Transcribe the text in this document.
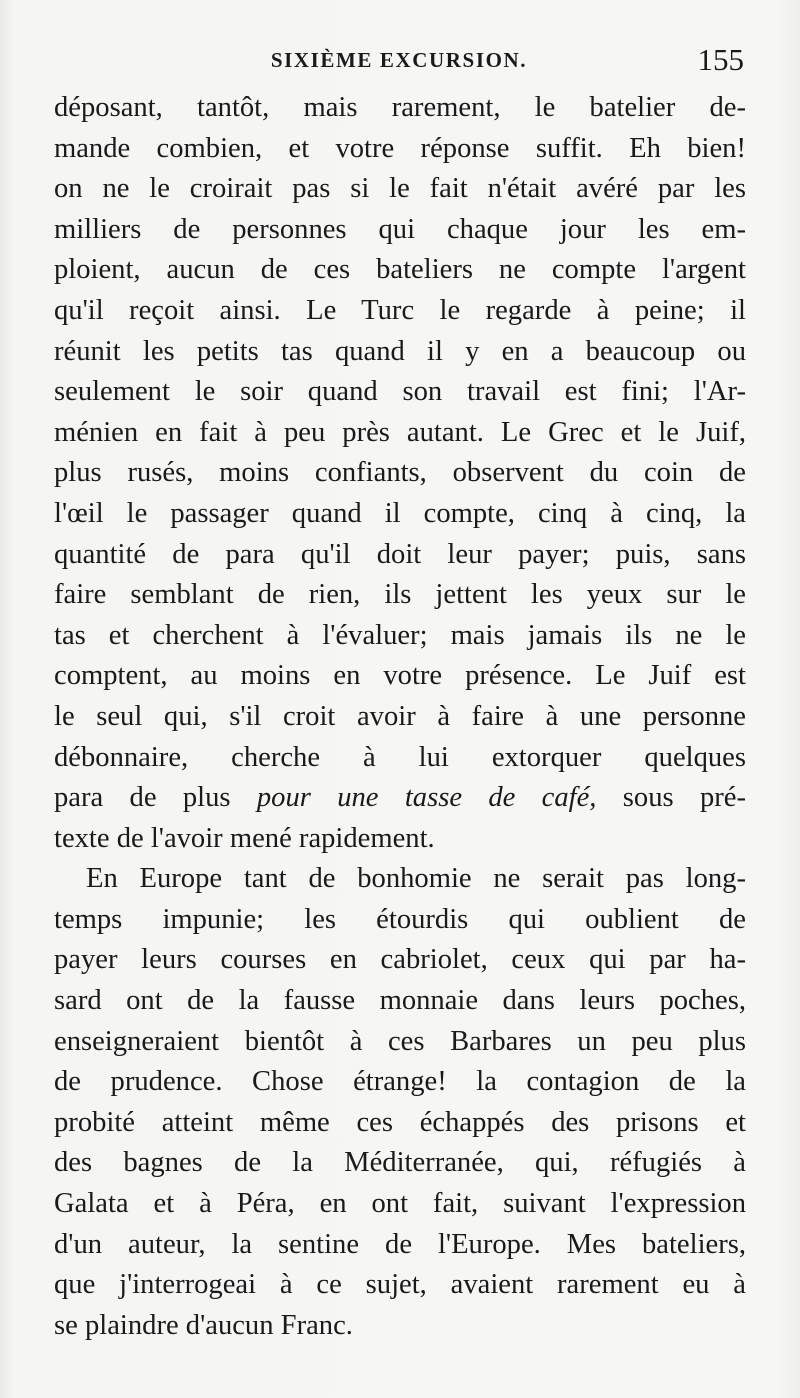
SIXIÈME EXCURSION.	155
déposant, tantôt, mais rarement, le batelier de-
mande combien, et votre réponse suffit. Eh bien!
on ne le croirait pas si le fait n'était avéré par les
milliers de personnes qui chaque jour les em-
ploient, aucun de ces bateliers ne compte l'argent
qu'il reçoit ainsi. Le Turc le regarde à peine; il
réunit les petits tas quand il y en a beaucoup ou
seulement le soir quand son travail est fini; l'Ar-
ménien en fait à peu près autant. Le Grec et le Juif,
plus rusés, moins confiants, observent du coin de
l'œil le passager quand il compte, cinq à cinq, la
quantité de para qu'il doit leur payer; puis, sans
faire semblant de rien, ils jettent les yeux sur le
tas et cherchent à l'évaluer; mais jamais ils ne le
comptent, au moins en votre présence. Le Juif est
le seul qui, s'il croit avoir à faire à une personne
débonnaire, cherche à lui extorquer quelques
para de plus pour une tasse de café, sous pré-
texte de l'avoir mené rapidement.
En Europe tant de bonhomie ne serait pas long-
temps impunie; les étourdis qui oublient de
payer leurs courses en cabriolet, ceux qui par ha-
sard ont de la fausse monnaie dans leurs poches,
enseigneraient bientôt à ces Barbares un peu plus
de prudence. Chose étrange! la contagion de la
probité atteint même ces échappés des prisons et
des bagnes de la Méditerranée, qui, réfugiés à
Galata et à Péra, en ont fait, suivant l'expression
d'un auteur, la sentine de l'Europe. Mes bateliers,
que j'interrogeai à ce sujet, avaient rarement eu à
se plaindre d'aucun Franc.
